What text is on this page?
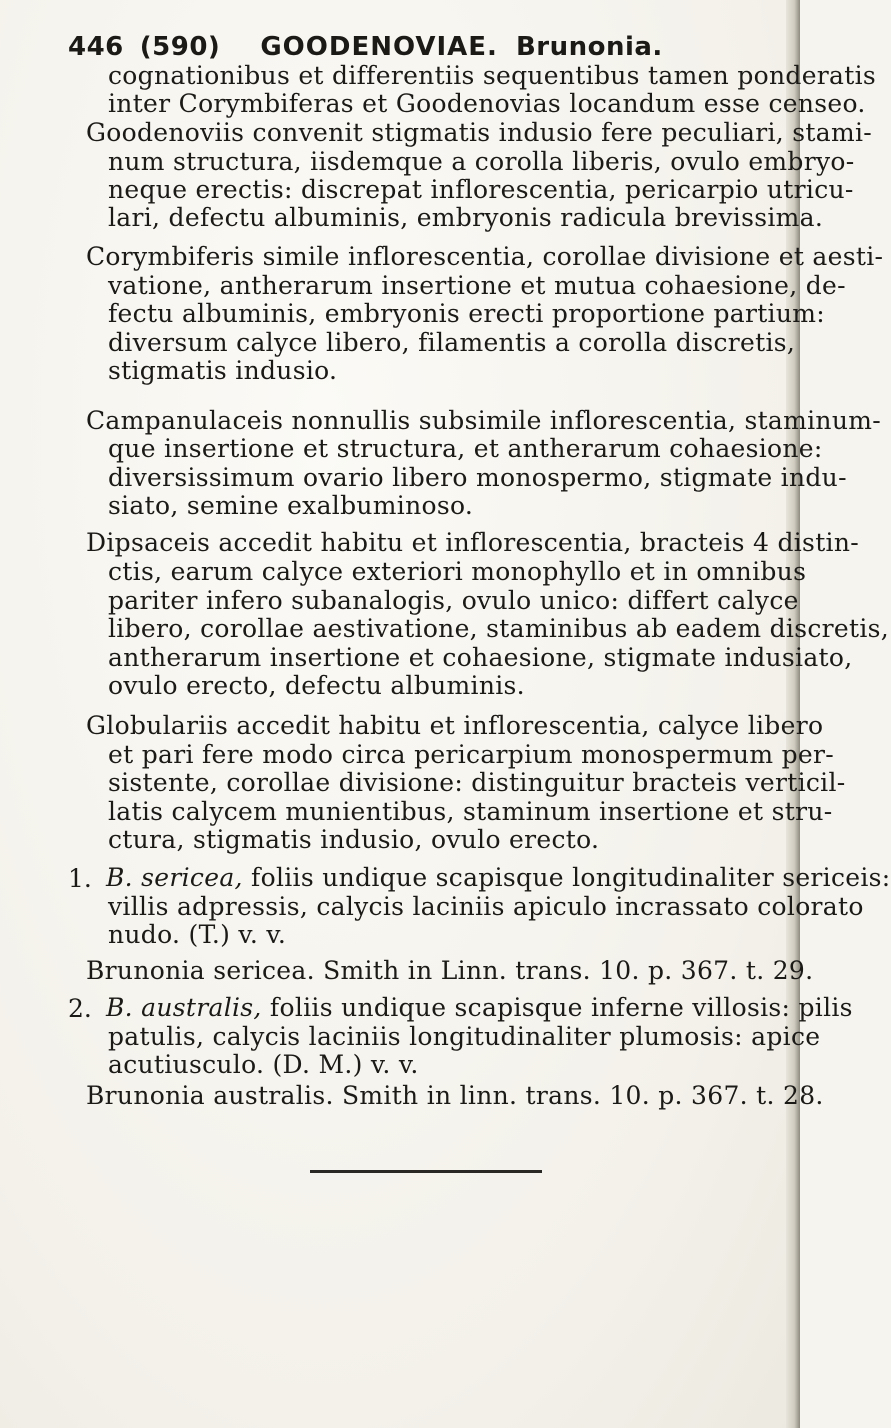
446 (590) GOODENOVIAE. Brunonia.
cognationibus et differentiis sequentibus tamen ponderatis
inter Corymbiferas et Goodenovias locandum esse censeo.
Goodenoviis convenit stigmatis indusio fere peculiari, stami-
num structura, iisdemque a corolla liberis, ovulo embryo-
neque erectis: discrepat inflorescentia, pericarpio utricu-
lari, defectu albuminis, embryonis radicula brevissima.
Corymbiferis simile inflorescentia, corollae divisione et aesti-
vatione, antherarum insertione et mutua cohaesione, de-
fectu albuminis, embryonis erecti proportione partium:
diversum calyce libero, filamentis a corolla discretis,
stigmatis indusio.
Campanulaceis nonnullis subsimile inflorescentia, staminum-
que insertione et structura, et antherarum cohaesione:
diversissimum ovario libero monospermo, stigmate indu-
siato, semine exalbuminoso.
Dipsaceis accedit habitu et inflorescentia, bracteis 4 distin-
ctis, earum calyce exteriori monophyllo et in omnibus
pariter infero subanalogis, ovulo unico: differt calyce
libero, corollae aestivatione, staminibus ab eadem discretis,
antherarum insertione et cohaesione, stigmate indusiato,
ovulo erecto, defectu albuminis.
Globulariis accedit habitu et inflorescentia, calyce libero
et pari fere modo circa pericarpium monospermum per-
sistente, corollae divisione: distinguitur bracteis verticil-
latis calycem munientibus, staminum insertione et stru-
ctura, stigmatis indusio, ovulo erecto.
1. B. sericea, foliis undique scapisque longitudinaliter sericeis:
villis adpressis, calycis laciniis apiculo incrassato colorato
nudo. (T.) v. v.
Brunonia sericea. Smith in Linn. trans. 10. p. 367. t. 29.
2. B. australis, foliis undique scapisque inferne villosis: pilis
patulis, calycis laciniis longitudinaliter plumosis: apice
acutiusculo. (D. M.) v. v.
Brunonia australis. Smith in linn. trans. 10. p. 367. t. 28.
